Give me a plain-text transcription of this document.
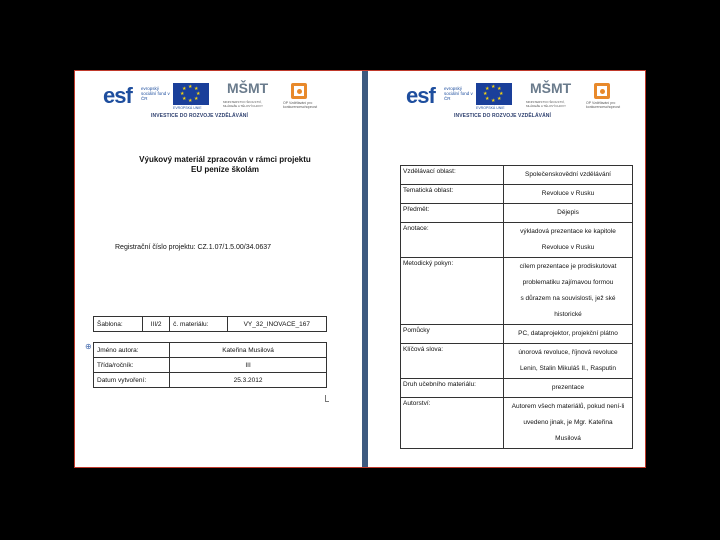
esf evropský sociální fond v ČR
★ ★
★
★
★
★
★
★
EVROPSKÁ UNIE
MŠMT
MINISTERSTVO ŠKOLSTVÍ, MLÁDEŽE A TĚLOVÝCHOVY
OP Vzdělávání pro konkurenceschopnost
INVESTICE DO ROZVOJE VZDĚLÁVÁNÍ
Výukový materiál zpracován v rámci projektu
EU peníze školám
Registrační číslo projektu: CZ.1.07/1.5.00/34.0637
⊕
Šablona:	III/2	č. materiálu:	VY_32_INOVACE_167

Jméno autora:		Kateřina Musilová	
Třída/ročník:		III	
Datum vytvoření:		25.3.2012	
esf evropský sociální fond v ČR
★ ★
★
★
★
★
★
★
EVROPSKÁ UNIE
MŠMT
MINISTERSTVO ŠKOLSTVÍ, MLÁDEŽE A TĚLOVÝCHOVY
OP Vzdělávání pro konkurenceschopnost
INVESTICE DO ROZVOJE VZDĚLÁVÁNÍ
Vzdělávací oblast:	Společenskovědní vzdělávání

Tematická oblast:	Revoluce v Rusku

Předmět:	Dějepis

Anotace:	výkladová prezentace ke kapitole
Revoluce v Rusku

Metodický pokyn:	cílem prezentace je prodiskutovat
problematiku zajímavou formou
s důrazem na souvislosti, jež ské
historické

Pomůcky	PC, dataprojektor, projekční plátno

Klíčová slova:	únorová revoluce, říjnová revoluce
Lenin, Stalin Mikuláš II., Rasputin

Druh učebního materiálu:	prezentace

Autorství:	Autorem všech materiálů, pokud není-li
uvedeno jinak, je Mgr. Kateřina
Musilová
